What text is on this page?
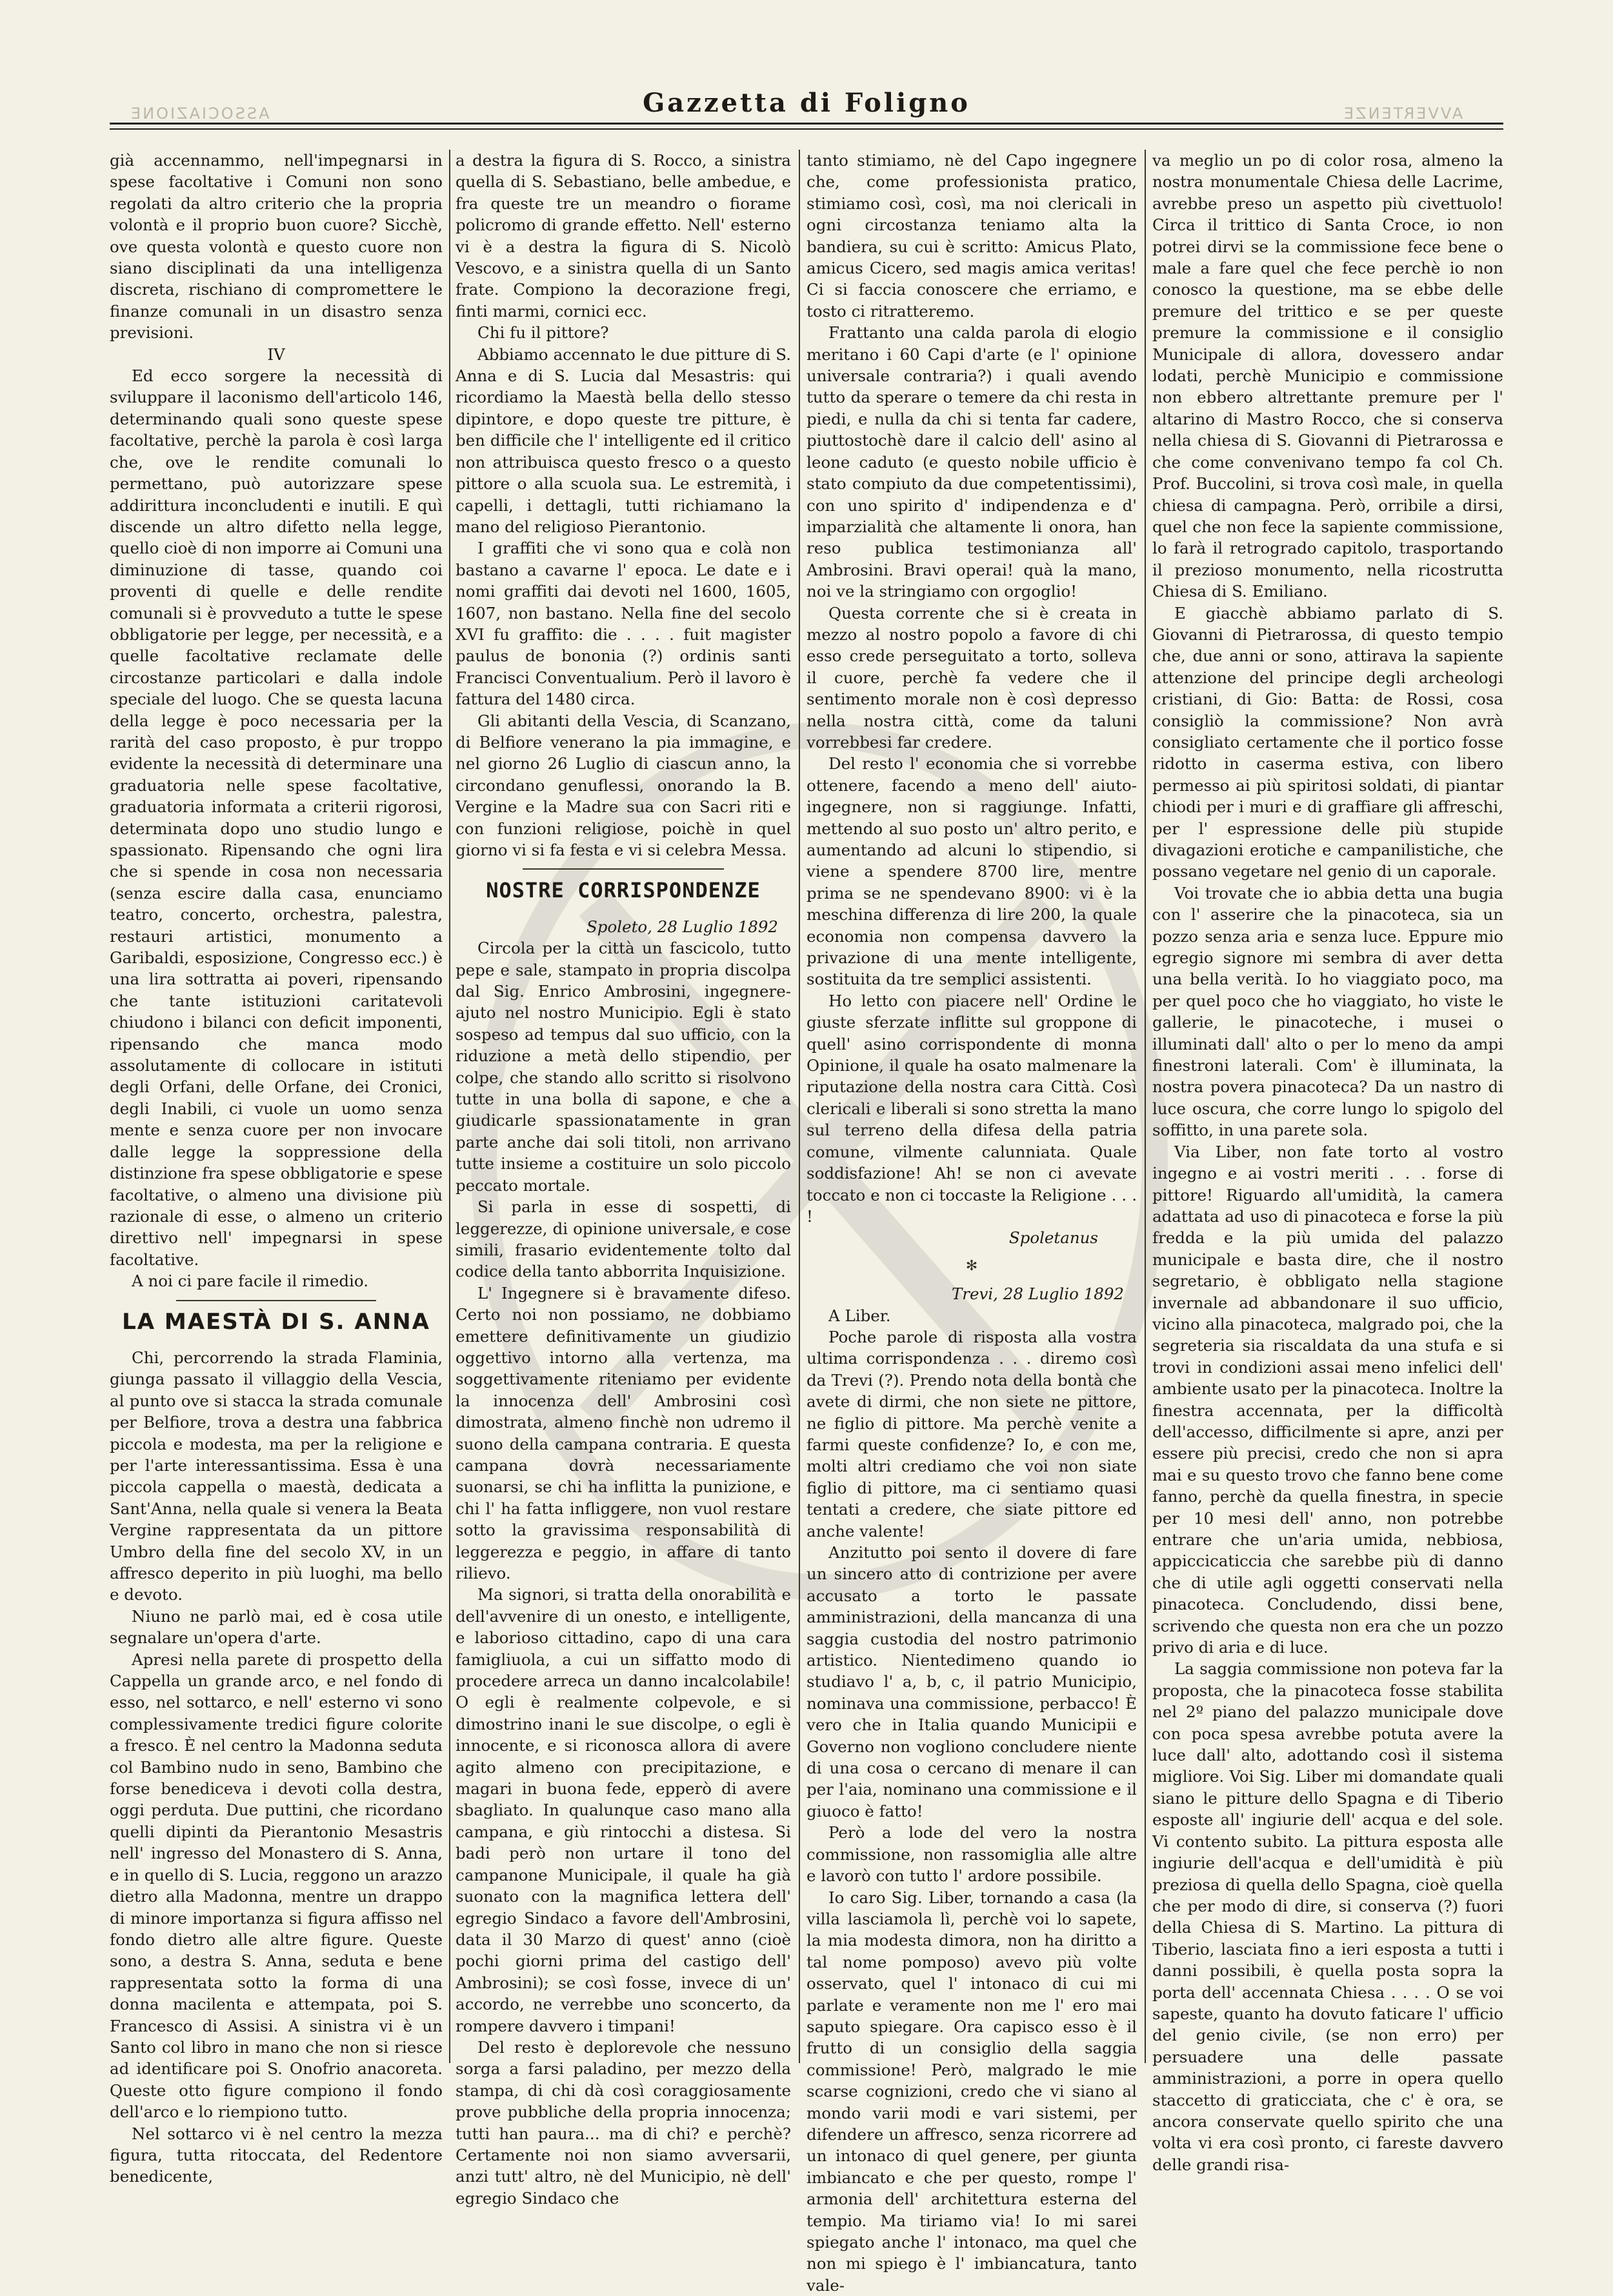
Gazzetta di Foligno
ASSOCIAZIONE	AVVERTENZE

già accennammo, nell'impegnarsi in spese facoltative i Comuni non sono regolati da altro criterio che la propria volontà e il proprio buon cuore? Sicchè, ove questa volontà e questo cuore non siano disciplinati da una intelligenza discreta, rischiano di compromettere le finanze comunali in un disastro senza previsioni.

IV

Ed ecco sorgere la necessità di sviluppare il laconismo dell'articolo 146, determinando quali sono queste spese facoltative, perchè la parola è così larga che, ove le rendite comunali lo permettano, può autorizzare spese addirittura inconcludenti e inutili. E quì discende un altro difetto nella legge, quello cioè di non imporre ai Comuni una diminuzione di tasse, quando coi proventi di quelle e delle rendite comunali si è provveduto a tutte le spese obbligatorie per legge, per necessità, e a quelle facoltative reclamate delle circostanze particolari e dalla indole speciale del luogo. Che se questa lacuna della legge è poco necessaria per la rarità del caso proposto, è pur troppo evidente la necessità di determinare una graduatoria nelle spese facoltative, graduatoria informata a criterii rigorosi, determinata dopo uno studio lungo e spassionato. Ripensando che ogni lira che si spende in cosa non necessaria (senza escire dalla casa, enunciamo teatro, concerto, orchestra, palestra, restauri artistici, monumento a Garibaldi, esposizione, Congresso ecc.) è una lira sottratta ai poveri, ripensando che tante istituzioni caritatevoli chiudono i bilanci con deficit imponenti, ripensando che manca modo assolutamente di collocare in istituti degli Orfani, delle Orfane, dei Cronici, degli Inabili, ci vuole un uomo senza mente e senza cuore per non invocare dalle legge la soppressione della distinzione fra spese obbligatorie e spese facoltative, o almeno una divisione più razionale di esse, o almeno un criterio direttivo nell' impegnarsi in spese facoltative.

A noi ci pare facile il rimedio.

LA MAESTÀ DI S. ANNA

Chi, percorrendo la strada Flaminia, giunga passato il villaggio della Vescia, al punto ove si stacca la strada comunale per Belfiore, trova a destra una fabbrica piccola e modesta, ma per la religione e per l'arte interessantissima. Essa è una piccola cappella o maestà, dedicata a Sant'Anna, nella quale si venera la Beata Vergine rappresentata da un pittore Umbro della fine del secolo XV, in un affresco deperito in più luoghi, ma bello e devoto.

Niuno ne parlò mai, ed è cosa utile segnalare un'opera d'arte.

Apresi nella parete di prospetto della Cappella un grande arco, e nel fondo di esso, nel sottarco, e nell' esterno vi sono complessivamente tredici figure colorite a fresco. È nel centro la Madonna seduta col Bambino nudo in seno, Bambino che forse benediceva i devoti colla destra, oggi perduta. Due puttini, che ricordano quelli dipinti da Pierantonio Mesastris nell' ingresso del Monastero di S. Anna, e in quello di S. Lucia, reggono un arazzo dietro alla Madonna, mentre un drappo di minore importanza si figura affisso nel fondo dietro alle altre figure. Queste sono, a destra S. Anna, seduta e bene rappresentata sotto la forma di una donna macilenta e attempata, poi S. Francesco di Assisi. A sinistra vi è un Santo col libro in mano che non si riesce ad identificare poi S. Onofrio anacoreta. Queste otto figure compiono il fondo dell'arco e lo riempiono tutto.

Nel sottarco vi è nel centro la mezza figura, tutta ritoccata, del Redentore benedicente,

a destra la figura di S. Rocco, a sinistra quella di S. Sebastiano, belle ambedue, e fra queste tre un meandro o fiorame policromo di grande effetto. Nell' esterno vi è a destra la figura di S. Nicolò Vescovo, e a sinistra quella di un Santo frate. Compiono la decorazione fregi, finti marmi, cornici ecc.

Chi fu il pittore?

Abbiamo accennato le due pitture di S. Anna e di S. Lucia dal Mesastris: qui ricordiamo la Maestà bella dello stesso dipintore, e dopo queste tre pitture, è ben difficile che l' intelligente ed il critico non attribuisca questo fresco o a questo pittore o alla scuola sua. Le estremità, i capelli, i dettagli, tutti richiamano la mano del religioso Pierantonio.

I graffiti che vi sono qua e colà non bastano a cavarne l' epoca. Le date e i nomi graffiti dai devoti nel 1600, 1605, 1607, non bastano. Nella fine del secolo XVI fu graffito: die . . . . fuit magister paulus de bononia (?) ordinis santi Francisci Conventualium. Però il lavoro è fattura del 1480 circa.

Gli abitanti della Vescia, di Scanzano, di Belfiore venerano la pia immagine, e nel giorno 26 Luglio di ciascun anno, la circondano genuflessi, onorando la B. Vergine e la Madre sua con Sacri riti e con funzioni religiose, poichè in quel giorno vi si fa festa e vi si celebra Messa.

NOSTRE CORRISPONDENZE

Spoleto, 28 Luglio 1892

Circola per la città un fascicolo, tutto pepe e sale, stampato in propria discolpa dal Sig. Enrico Ambrosini, ingegnere-ajuto nel nostro Municipio. Egli è stato sospeso ad tempus dal suo ufficio, con la riduzione a metà dello stipendio, per colpe, che stando allo scritto si risolvono tutte in una bolla di sapone, e che a giudicarle spassionatamente in gran parte anche dai soli titoli, non arrivano tutte insieme a costituire un solo piccolo peccato mortale.

Si parla in esse di sospetti, di leggerezze, di opinione universale, e cose simili, frasario evidentemente tolto dal codice della tanto abborrita Inquisizione.

L' Ingegnere si è bravamente difeso. Certo noi non possiamo, ne dobbiamo emettere definitivamente un giudizio oggettivo intorno alla vertenza, ma soggettivamente riteniamo per evidente la innocenza dell' Ambrosini così dimostrata, almeno finchè non udremo il suono della campana contraria. E questa campana dovrà necessariamente suonarsi, se chi ha inflitta la punizione, e chi l' ha fatta infliggere, non vuol restare sotto la gravissima responsabilità di leggerezza e peggio, in affare di tanto rilievo.

Ma signori, si tratta della onorabilità e dell'avvenire di un onesto, e intelligente, e laborioso cittadino, capo di una cara famigliuola, a cui un siffatto modo di procedere arreca un danno incalcolabile! O egli è realmente colpevole, e si dimostrino inani le sue discolpe, o egli è innocente, e si riconosca allora di avere agito almeno con precipitazione, e magari in buona fede, epperò di avere sbagliato. In qualunque caso mano alla campana, e giù rintocchi a distesa. Si badi però non urtare il tono del campanone Municipale, il quale ha già suonato con la magnifica lettera dell' egregio Sindaco a favore dell'Ambrosini, data il 30 Marzo di quest' anno (cioè pochi giorni prima del castigo dell' Ambrosini); se così fosse, invece di un' accordo, ne verrebbe uno sconcerto, da rompere davvero i timpani!

Del resto è deplorevole che nessuno sorga a farsi paladino, per mezzo della stampa, di chi dà così coraggiosamente prove pubbliche della propria innocenza; tutti han paura... ma di chi? e perchè? Certamente noi non siamo avversarii, anzi tutt' altro, nè del Municipio, nè dell' egregio Sindaco che

tanto stimiamo, nè del Capo ingegnere che, come professionista pratico, stimiamo così, così, ma noi clericali in ogni circostanza teniamo alta la bandiera, su cui è scritto: Amicus Plato, amicus Cicero, sed magis amica veritas! Ci si faccia conoscere che erriamo, e tosto ci ritratteremo.

Frattanto una calda parola di elogio meritano i 60 Capi d'arte (e l' opinione universale contraria?) i quali avendo tutto da sperare o temere da chi resta in piedi, e nulla da chi si tenta far cadere, piuttostochè dare il calcio dell' asino al leone caduto (e questo nobile ufficio è stato compiuto da due competentissimi), con uno spirito d' indipendenza e d' imparzialità che altamente li onora, han reso publica testimonianza all' Ambrosini. Bravi operai! quà la mano, noi ve la stringiamo con orgoglio!

Questa corrente che si è creata in mezzo al nostro popolo a favore di chi esso crede perseguitato a torto, solleva il cuore, perchè fa vedere che il sentimento morale non è così depresso nella nostra città, come da taluni vorrebbesi far credere.

Del resto l' economia che si vorrebbe ottenere, facendo a meno dell' aiuto-ingegnere, non si raggiunge. Infatti, mettendo al suo posto un' altro perito, e aumentando ad alcuni lo stipendio, si viene a spendere 8700 lire, mentre prima se ne spendevano 8900: vi è la meschina differenza di lire 200, la quale economia non compensa davvero la privazione di una mente intelligente, sostituita da tre semplici assistenti.

Ho letto con piacere nell' Ordine le giuste sferzate inflitte sul groppone di quell' asino corrispondente di monna Opinione, il quale ha osato malmenare la riputazione della nostra cara Città. Così clericali e liberali si sono stretta la mano sul terreno della difesa della patria comune, vilmente calunniata. Quale soddisfazione! Ah! se non ci avevate toccato e non ci toccaste la Religione . . . !

Spoletanus

✻

Trevi, 28 Luglio 1892

A Liber.

Poche parole di risposta alla vostra ultima corrispondenza . . . diremo così da Trevi (?). Prendo nota della bontà che avete di dirmi, che non siete ne pittore, ne figlio di pittore. Ma perchè venite a farmi queste confidenze? Io, e con me, molti altri crediamo che voi non siate figlio di pittore, ma ci sentiamo quasi tentati a credere, che siate pittore ed anche valente!

Anzitutto poi sento il dovere di fare un sincero atto di contrizione per avere accusato a torto le passate amministrazioni, della mancanza di una saggia custodia del nostro patrimonio artistico. Nientedimeno quando io studiavo l' a, b, c, il patrio Municipio, nominava una commissione, perbacco! È vero che in Italia quando Municipii e Governo non vogliono concludere niente di una cosa o cercano di menare il can per l'aia, nominano una commissione e il giuoco è fatto!

Però a lode del vero la nostra commissione, non rassomiglia alle altre e lavorò con tutto l' ardore possibile.

Io caro Sig. Liber, tornando a casa (la villa lasciamola lì, perchè voi lo sapete, la mia modesta dimora, non ha diritto a tal nome pomposo) avevo più volte osservato, quel l' intonaco di cui mi parlate e veramente non me l' ero mai saputo spiegare. Ora capisco esso è il frutto di un consiglio della saggia commissione! Però, malgrado le mie scarse cognizioni, credo che vi siano al mondo varii modi e vari sistemi, per difendere un affresco, senza ricorrere ad un intonaco di quel genere, per giunta imbiancato e che per questo, rompe l' armonia dell' architettura esterna del tempio. Ma tiriamo via! Io mi sarei spiegato anche l' intonaco, ma quel che non mi spiego è l' imbiancatura, tanto vale-

va meglio un po di color rosa, almeno la nostra monumentale Chiesa delle Lacrime, avrebbe preso un aspetto più civettuolo! Circa il trittico di Santa Croce, io non potrei dirvi se la commissione fece bene o male a fare quel che fece perchè io non conosco la questione, ma se ebbe delle premure del trittico e se per queste premure la commissione e il consiglio Municipale di allora, dovessero andar lodati, perchè Municipio e commissione non ebbero altrettante premure per l' altarino di Mastro Rocco, che si conserva nella chiesa di S. Giovanni di Pietrarossa e che come convenivano tempo fa col Ch. Prof. Buccolini, si trova così male, in quella chiesa di campagna. Però, orribile a dirsi, quel che non fece la sapiente commissione, lo farà il retrogrado capitolo, trasportando il prezioso monumento, nella ricostrutta Chiesa di S. Emiliano.

E giacchè abbiamo parlato di S. Giovanni di Pietrarossa, di questo tempio che, due anni or sono, attirava la sapiente attenzione del principe degli archeologi cristiani, di Gio: Batta: de Rossi, cosa consigliò la commissione? Non avrà consigliato certamente che il portico fosse ridotto in caserma estiva, con libero permesso ai più spiritosi soldati, di piantar chiodi per i muri e di graffiare gli affreschi, per l' espressione delle più stupide divagazioni erotiche e campanilistiche, che possano vegetare nel genio di un caporale.

Voi trovate che io abbia detta una bugia con l' asserire che la pinacoteca, sia un pozzo senza aria e senza luce. Eppure mio egregio signore mi sembra di aver detta una bella verità. Io ho viaggiato poco, ma per quel poco che ho viaggiato, ho viste le gallerie, le pinacoteche, i musei o illuminati dall' alto o per lo meno da ampi finestroni laterali. Com' è illuminata, la nostra povera pinacoteca? Da un nastro di luce oscura, che corre lungo lo spigolo del soffitto, in una parete sola.

Via Liber, non fate torto al vostro ingegno e ai vostri meriti . . . forse di pittore! Riguardo all'umidità, la camera adattata ad uso di pinacoteca e forse la più fredda e la più umida del palazzo municipale e basta dire, che il nostro segretario, è obbligato nella stagione invernale ad abbandonare il suo ufficio, vicino alla pinacoteca, malgrado poi, che la segreteria sia riscaldata da una stufa e si trovi in condizioni assai meno infelici dell' ambiente usato per la pinacoteca. Inoltre la finestra accennata, per la difficoltà dell'accesso, difficilmente si apre, anzi per essere più precisi, credo che non si apra mai e su questo trovo che fanno bene come fanno, perchè da quella finestra, in specie per 10 mesi dell' anno, non potrebbe entrare che un'aria umida, nebbiosa, appiccicaticcia che sarebbe più di danno che di utile agli oggetti conservati nella pinacoteca. Concludendo, dissi bene, scrivendo che questa non era che un pozzo privo di aria e di luce.

La saggia commissione non poteva far la proposta, che la pinacoteca fosse stabilita nel 2º piano del palazzo municipale dove con poca spesa avrebbe potuta avere la luce dall' alto, adottando così il sistema migliore. Voi Sig. Liber mi domandate quali siano le pitture dello Spagna e di Tiberio esposte all' ingiurie dell' acqua e del sole. Vi contento subito. La pittura esposta alle ingiurie dell'acqua e dell'umidità è più preziosa di quella dello Spagna, cioè quella che per modo di dire, si conserva (?) fuori della Chiesa di S. Martino. La pittura di Tiberio, lasciata fino a ieri esposta a tutti i danni possibili, è quella posta sopra la porta dell' accennata Chiesa . . . . O se voi sapeste, quanto ha dovuto faticare l' ufficio del genio civile, (se non erro) per persuadere una delle passate amministrazioni, a porre in opera quello staccetto di graticciata, che c' è ora, se ancora conservate quello spirito che una volta vi era così pronto, ci fareste davvero delle grandi risa-
